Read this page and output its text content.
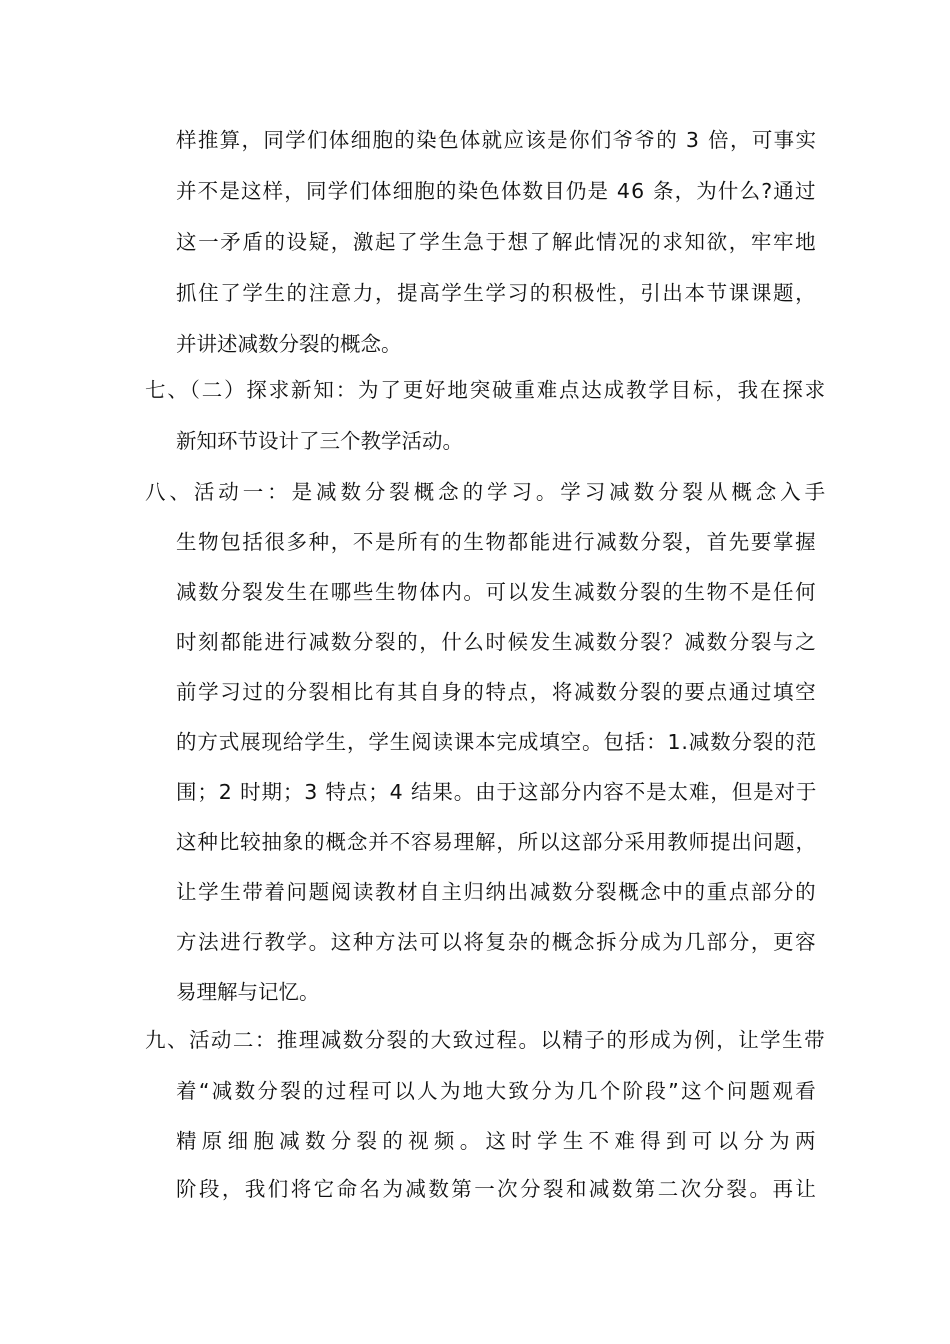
样推算，同学们体细胞的染色体就应该是你们爷爷的 3 倍，可事实
并不是这样，同学们体细胞的染色体数目仍是 46 条，为什么?通过
这一矛盾的设疑，激起了学生急于想了解此情况的求知欲，牢牢地
抓住了学生的注意力，提高学生学习的积极性，引出本节课课题，
并讲述减数分裂的概念。
七、（二）探求新知：为了更好地突破重难点达成教学目标，我在探求
新知环节设计了三个教学活动。
八、活动一：是减数分裂概念的学习。学习减数分裂从概念入手
生物包括很多种，不是所有的生物都能进行减数分裂，首先要掌握
减数分裂发生在哪些生物体内。可以发生减数分裂的生物不是任何
时刻都能进行减数分裂的，什么时候发生减数分裂？减数分裂与之
前学习过的分裂相比有其自身的特点，将减数分裂的要点通过填空
的方式展现给学生，学生阅读课本完成填空。包括：1.减数分裂的范
围；2 时期；3 特点；4 结果。由于这部分内容不是太难，但是对于
这种比较抽象的概念并不容易理解，所以这部分采用教师提出问题，
让学生带着问题阅读教材自主归纳出减数分裂概念中的重点部分的
方法进行教学。这种方法可以将复杂的概念拆分成为几部分，更容
易理解与记忆。
九、活动二：推理减数分裂的大致过程。以精子的形成为例，让学生带
着“减数分裂的过程可以人为地大致分为几个阶段”这个问题观看
精原细胞减数分裂的视频。这时学生不难得到可以分为两
阶段，我们将它命名为减数第一次分裂和减数第二次分裂。再让
